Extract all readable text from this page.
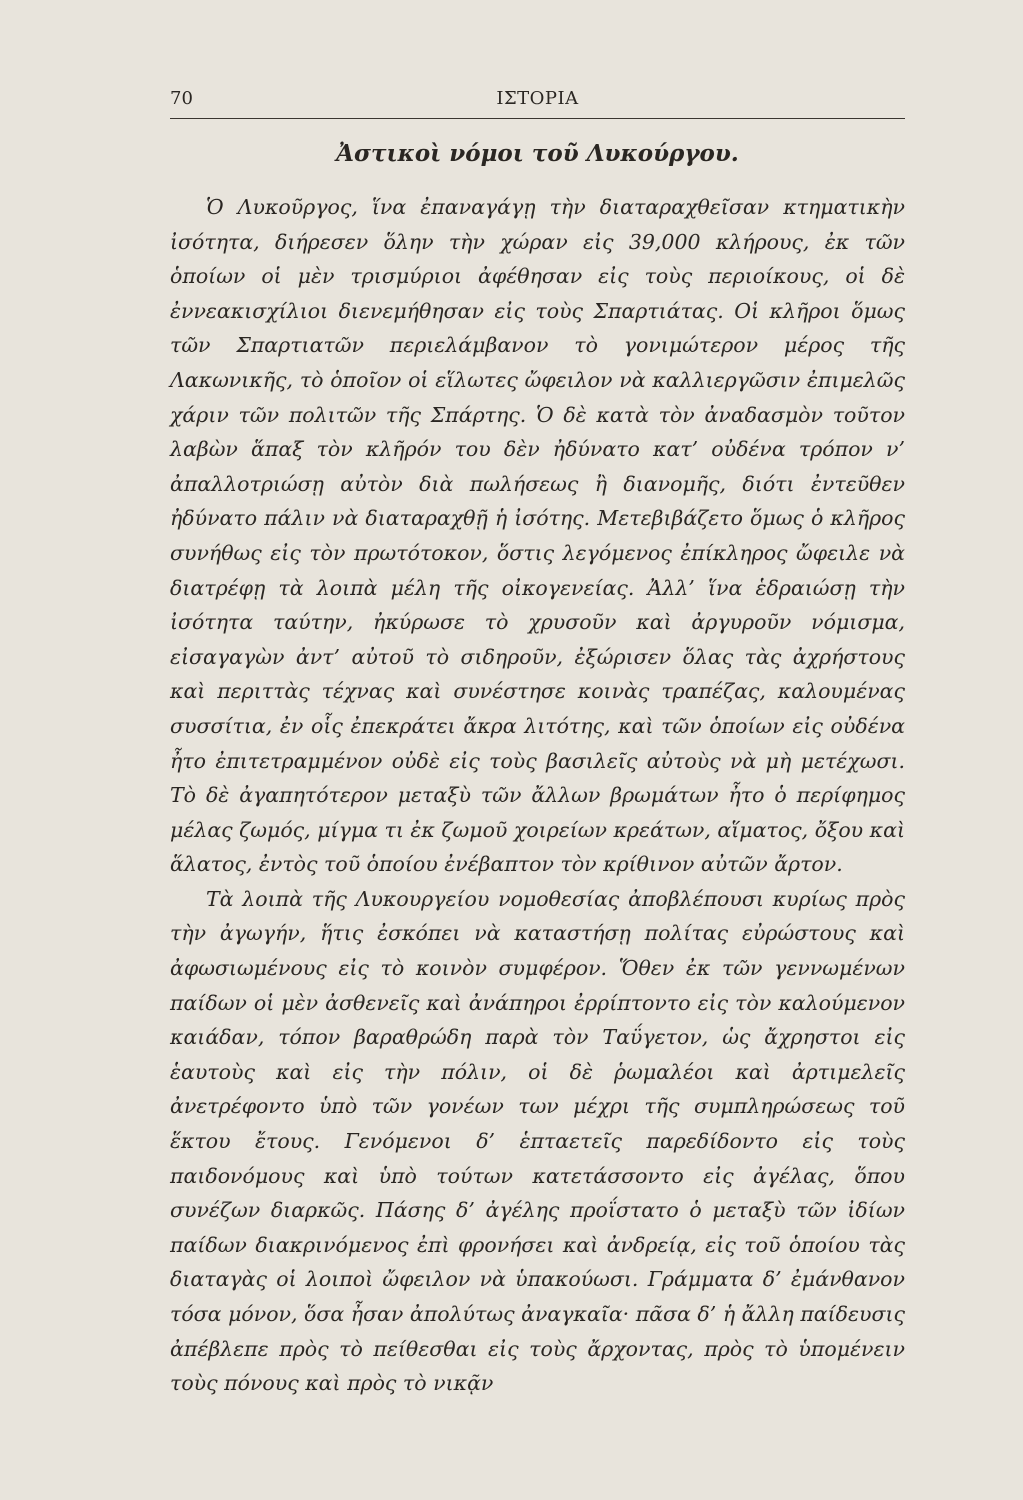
70	ΙΣΤΟΡΙΑ
Ἀστικοὶ νόμοι τοῦ Λυκούργου.

Ὁ Λυκοῦργος, ἵνα ἐπαναγάγῃ τὴν διαταραχθεῖσαν κτηματικὴν ἰσότητα, διήρεσεν ὅλην τὴν χώραν εἰς 39,000 κλήρους, ἐκ τῶν ὁποίων οἱ μὲν τρισμύριοι ἀφέθησαν εἰς τοὺς περιοίκους, οἱ δὲ ἐννεακισχίλιοι διενεμήθησαν εἰς τοὺς Σπαρτιάτας. Οἱ κλῆροι ὅμως τῶν Σπαρτιατῶν περιελάμβανον τὸ γονιμώτερον μέρος τῆς Λακωνικῆς, τὸ ὁποῖον οἱ εἵλωτες ὤφειλον νὰ καλλιεργῶσιν ἐπιμελῶς χάριν τῶν πολιτῶν τῆς Σπάρτης. Ὁ δὲ κατὰ τὸν ἀναδασμὸν τοῦτον λαβὼν ἅπαξ τὸν κλῆρόν του δὲν ἠδύνατο κατ’ οὐδένα τρόπον ν’ ἀπαλλοτριώσῃ αὐτὸν διὰ πωλήσεως ἢ διανομῆς, διότι ἐντεῦθεν ἠδύνατο πάλιν νὰ διαταραχθῇ ἡ ἰσότης. Μετεβιβάζετο ὅμως ὁ κλῆρος συνήθως εἰς τὸν πρωτότοκον, ὅστις λεγόμενος ἐπίκληρος ὤφειλε νὰ διατρέφῃ τὰ λοιπὰ μέλη τῆς οἰκογενείας. Ἀλλ’ ἵνα ἑδραιώσῃ τὴν ἰσότητα ταύτην, ἠκύρωσε τὸ χρυσοῦν καὶ ἀργυροῦν νόμισμα, εἰσαγαγὼν ἀντ’ αὐτοῦ τὸ σιδηροῦν, ἐξώρισεν ὅλας τὰς ἀχρήστους καὶ περιττὰς τέχνας καὶ συνέστησε κοινὰς τραπέζας, καλουμένας συσσίτια, ἐν οἷς ἐπεκράτει ἄκρα λιτότης, καὶ τῶν ὁποίων εἰς οὐδένα ἦτο ἐπιτετραμμένον οὐδὲ εἰς τοὺς βασιλεῖς αὐτοὺς νὰ μὴ μετέχωσι. Τὸ δὲ ἀγαπητότερον μεταξὺ τῶν ἄλλων βρωμάτων ἦτο ὁ περίφημος μέλας ζωμός, μίγμα τι ἐκ ζωμοῦ χοιρείων κρεάτων, αἵματος, ὄξου καὶ ἅλατος, ἐντὸς τοῦ ὁποίου ἐνέβαπτον τὸν κρίθινον αὐτῶν ἄρτον.

Τὰ λοιπὰ τῆς Λυκουργείου νομοθεσίας ἀποβλέπουσι κυρίως πρὸς τὴν ἀγωγήν, ἥτις ἐσκόπει νὰ καταστήσῃ πολίτας εὐρώστους καὶ ἀφωσιωμένους εἰς τὸ κοινὸν συμφέρον. Ὅθεν ἐκ τῶν γεννωμένων παίδων οἱ μὲν ἀσθενεῖς καὶ ἀνάπηροι ἐρρίπτοντο εἰς τὸν καλούμενον καιάδαν, τόπον βαραθρώδη παρὰ τὸν Ταΰγετον, ὡς ἄχρηστοι εἰς ἑαυτοὺς καὶ εἰς τὴν πόλιν, οἱ δὲ ῥωμαλέοι καὶ ἀρτιμελεῖς ἀνετρέφοντο ὑπὸ τῶν γονέων των μέχρι τῆς συμπληρώσεως τοῦ ἕκτου ἔτους. Γενόμενοι δ’ ἑπταετεῖς παρεδίδοντο εἰς τοὺς παιδονόμους καὶ ὑπὸ τούτων κατετάσσοντο εἰς ἀγέλας, ὅπου συνέζων διαρκῶς. Πάσης δ’ ἀγέλης προΐστατο ὁ μεταξὺ τῶν ἰδίων παίδων διακρινόμενος ἐπὶ φρονήσει καὶ ἀνδρείᾳ, εἰς τοῦ ὁποίου τὰς διαταγὰς οἱ λοιποὶ ὤφειλον νὰ ὑπακούωσι. Γράμματα δ’ ἐμάνθανον τόσα μόνον, ὅσα ἦσαν ἀπολύτως ἀναγκαῖα· πᾶσα δ’ ἡ ἄλλη παίδευσις ἀπέβλεπε πρὸς τὸ πείθεσθαι εἰς τοὺς ἄρχοντας, πρὸς τὸ ὑπομένειν τοὺς πόνους καὶ πρὸς τὸ νικᾷν
